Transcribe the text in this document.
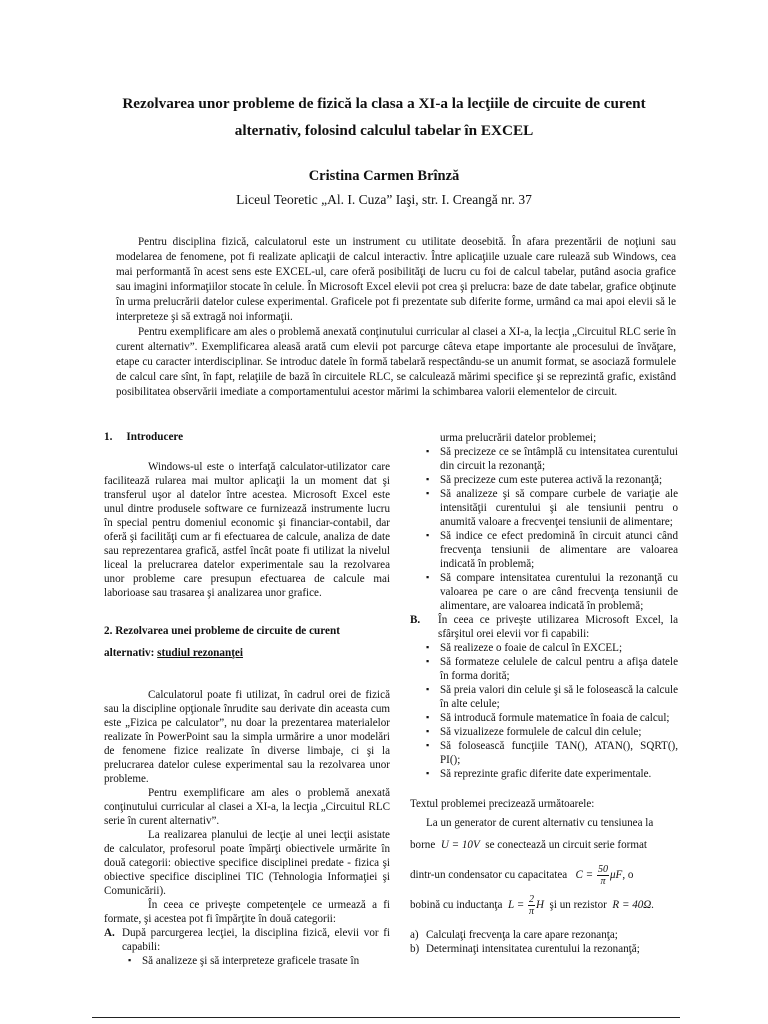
Rezolvarea unor probleme de fizică la clasa a XI-a la lecţiile de circuite de curent alternativ, folosind calculul tabelar în EXCEL
Cristina Carmen Brînză
Liceul Teoretic „Al. I. Cuza” Iaşi, str. I. Creangă nr. 37

Pentru disciplina fizică, calculatorul este un instrument cu utilitate deosebită. În afara prezentării de noţiuni sau modelarea de fenomene, pot fi realizate aplicaţii de calcul interactiv. Între aplicaţiile uzuale care rulează sub Windows, cea mai performantă în acest sens este EXCEL-ul, care oferă posibilităţi de lucru cu foi de calcul tabelar, putând asocia grafice sau imagini informaţiilor stocate în celule. În Microsoft Excel elevii pot crea şi prelucra: baze de date tabelar, grafice obţinute în urma prelucrării datelor culese experimental. Graficele pot fi prezentate sub diferite forme, urmând ca mai apoi elevii să le interpreteze şi să extragă noi informaţii.

Pentru exemplificare am ales o problemă anexată conţinutului curricular al clasei a XI-a, la lecţia „Circuitul RLC serie în curent alternativ”. Exemplificarea aleasă arată cum elevii pot parcurge câteva etape importante ale procesului de învăţare, etape cu caracter interdisciplinar. Se introduc datele în formă tabelară respectându-se un anumit format, se asociază formulele de calcul care sînt, în fapt, relaţiile de bază în circuitele RLC, se calculează mărimi specifice şi se reprezintă grafic, existând posibilitatea observării imediate a comportamentului acestor mărimi la schimbarea valorii elementelor de circuit.

1. Introducere

Windows-ul este o interfaţă calculator-utilizator care facilitează rularea mai multor aplicaţii la un moment dat şi transferul uşor al datelor între acestea. Microsoft Excel este unul dintre produsele software ce furnizează instrumente lucru în special pentru domeniul economic şi financiar-contabil, dar oferă şi facilităţi cum ar fi efectuarea de calcule, analiza de date sau reprezentarea grafică, astfel încât poate fi utilizat la nivelul liceal la prelucrarea datelor experimentale sau la rezolvarea unor probleme care presupun efectuarea de calcule mai laborioase sau trasarea şi analizarea unor grafice.

2. Rezolvarea unei probleme de circuite de curent alternativ: studiul rezonanţei

Calculatorul poate fi utilizat, în cadrul orei de fizică sau la discipline opţionale înrudite sau derivate din aceasta cum este „Fizica pe calculator”, nu doar la prezentarea materialelor realizate în PowerPoint sau la simpla urmărire a unor modelări de fenomene fizice realizate în diverse limbaje, ci şi la prelucrarea datelor culese experimental sau la rezolvarea unor probleme.

Pentru exemplificare am ales o problemă anexată conţinutului curricular al clasei a XI-a, la lecţia „Circuitul RLC serie în curent alternativ”.

La realizarea planului de lecţie al unei lecţii asistate de calculator, profesorul poate împărţi obiectivele urmărite în două categorii: obiective specifice disciplinei predate - fizica şi obiective specifice disciplinei TIC (Tehnologia Informaţiei şi Comunicării).

În ceea ce priveşte competenţele ce urmează a fi formate, şi acestea pot fi împărţite în două categorii:

A. După parcurgerea lecţiei, la disciplina fizică, elevii vor fi capabili:
▪ Să analizeze şi să interpreteze graficele trasate în

urma prelucrării datelor problemei;

▪ Să precizeze ce se întâmplă cu intensitatea curentului din circuit la rezonanţă;
▪ Să precizeze cum este puterea activă la rezonanţă;
▪ Să analizeze şi să compare curbele de variaţie ale intensităţii curentului şi ale tensiunii pentru o anumită valoare a frecvenţei tensiunii de alimentare;
▪ Să indice ce efect predomină în circuit atunci când frecvenţa tensiunii de alimentare are valoarea indicată în problemă;
▪ Să compare intensitatea curentului la rezonanţă cu valoarea pe care o are când frecvenţa tensiunii de alimentare, are valoarea indicată în problemă;
B.	În ceea ce priveşte utilizarea Microsoft Excel, la sfârşitul orei elevii vor fi capabili:
▪ Să realizeze o foaie de calcul în EXCEL;
▪ Să formateze celulele de calcul pentru a afişa datele în forma dorită;
▪ Să preia valori din celule şi să le folosească la calcule în alte celule;
▪ Să introducă formule matematice în foaia de calcul;
▪ Să vizualizeze formulele de calcul din celule;
▪ Să folosească funcţiile TAN(), ATAN(), SQRT(), PI();
▪ Să reprezinte grafic diferite date experimentale.

Textul problemei precizează următoarele:

La un generator de curent alternativ cu tensiunea la

borne U = 10V se conectează un circuit serie format

dintr-un condensator cu capacitatea $C = \frac{50}{\pi} \mu F$, o

bobină cu inductanţa $L = \frac{2}{\pi}$ H şi un rezistor R = 40Ω.

a) Calculaţi frecvenţa la care apare rezonanţa;
b) Determinaţi intensitatea curentului la rezonanţă;
